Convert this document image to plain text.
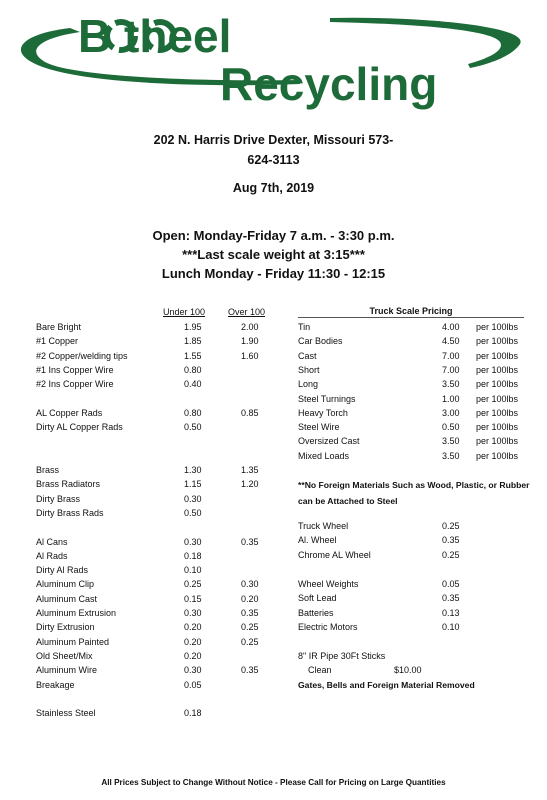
B theel
Recycling
202 N. Harris Drive Dexter, Missouri 573-
624-3113
Aug 7th, 2019
Open: Monday-Friday 7 a.m. - 3:30 p.m.
***Last scale weight at 3:15***
Lunch Monday - Friday 11:30 - 12:15
Under 100	Over 100	Truck Scale Pricing
Bare Bright	1.95	2.00
#1 Copper	1.85	1.90
#2 Copper/welding tips	1.55	1.60
#1 Ins Copper Wire	0.80
#2 Ins Copper Wire	0.40
AL Copper Rads	0.80	0.85
Dirty AL Copper Rads	0.50
Brass	1.30	1.35
Brass Radiators	1.15	1.20
Dirty Brass	0.30
Dirty Brass Rads	0.50
Al Cans	0.30	0.35
Al Rads	0.18
Dirty Al Rads	0.10
Aluminum Clip	0.25	0.30
Aluminum Cast	0.15	0.20
Aluminum Extrusion	0.30	0.35
Dirty Extrusion	0.20	0.25
Aluminum Painted	0.20	0.25
Old Sheet/Mix	0.20
Aluminum Wire	0.30	0.35
Breakage	0.05
Stainless Steel	0.18
Tin	4.00 per 100lbs
Car Bodies	4.50 per 100lbs
Cast	7.00 per 100lbs
Short	7.00 per 100lbs
Long	3.50 per 100lbs
Steel Turnings	1.00 per 100lbs
Heavy Torch	3.00 per 100lbs
Steel Wire	0.50 per 100lbs
Oversized Cast	3.50 per 100lbs
Mixed Loads	3.50 per 100lbs
**No Foreign Materials Such as Wood, Plastic, or Rubber can be Attached to Steel
Truck Wheel	0.25
Al. Wheel	0.35
Chrome AL Wheel	0.25
Wheel Weights	0.05
Soft Lead	0.35
Batteries	0.13
Electric Motors	0.10
8" IR Pipe 30Ft Sticks
Clean	$10.00
Gates, Bells and Foreign Material Removed
All Prices Subject to Change Without Notice - Please Call for Pricing on Large Quantities
